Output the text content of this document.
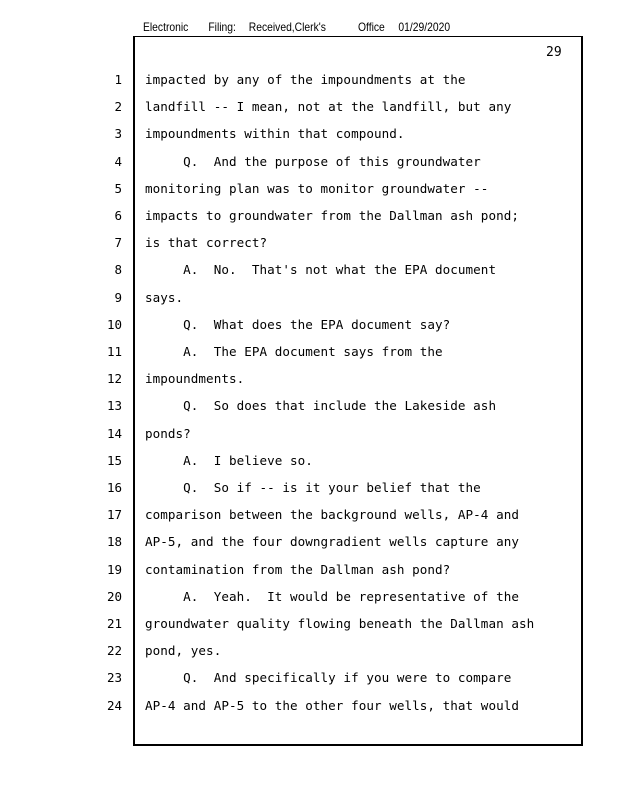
Electronic Filing: Received,Clerk's	Office 01/29/2020
29
1 impacted by any of the impoundments at the
2 landfill -- I mean, not at the landfill, but any
3 impoundments within that compound.
4 Q.  And the purpose of this groundwater
5 monitoring plan was to monitor groundwater --
6 impacts to groundwater from the Dallman ash pond;
7 is that correct?
8 A.  No.  That's not what the EPA document
9 says.
10 Q.  What does the EPA document say?
11 A.  The EPA document says from the
12 impoundments.
13 Q.  So does that include the Lakeside ash
14 ponds?
15 A.  I believe so.
16 Q.  So if -- is it your belief that the
17 comparison between the background wells, AP-4 and
18 AP-5, and the four downgradient wells capture any
19 contamination from the Dallman ash pond?
20 A.  Yeah.  It would be representative of the
21 groundwater quality flowing beneath the Dallman ash
22 pond, yes.
23 Q.  And specifically if you were to compare
24 AP-4 and AP-5 to the other four wells, that would
